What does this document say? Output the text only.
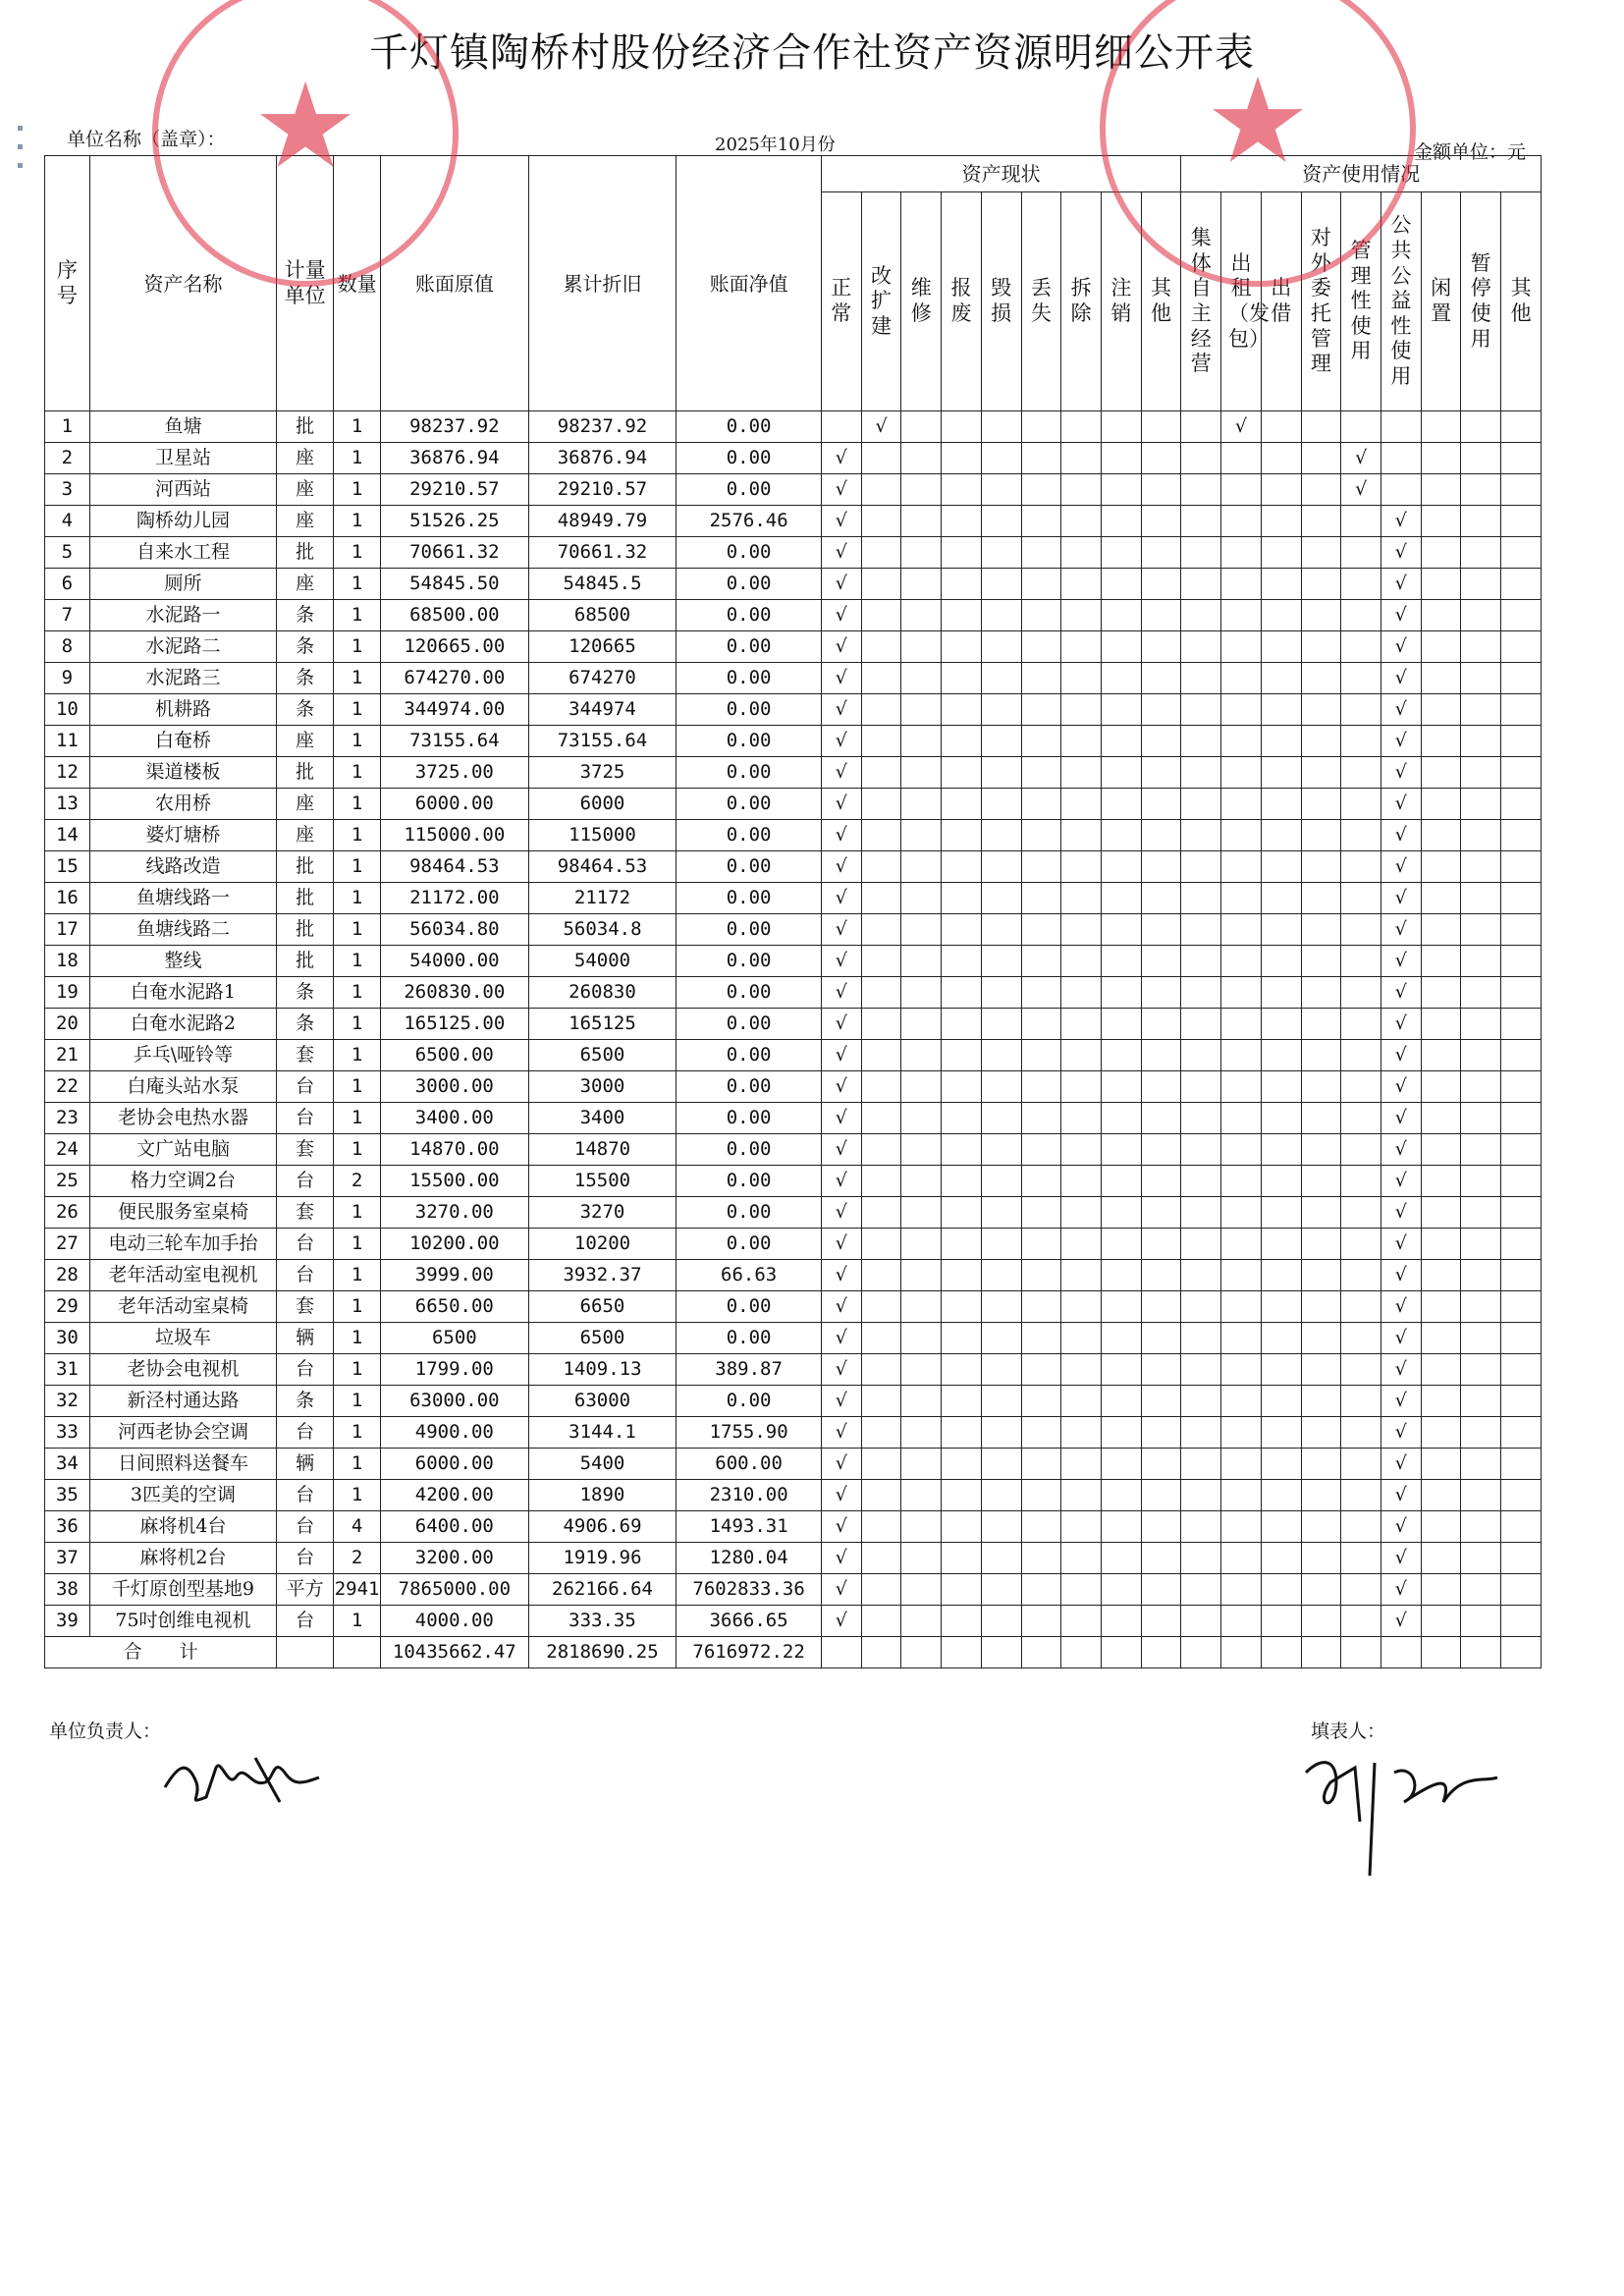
千灯镇陶桥村股份经济合作社资产资源明细公开表
单位名称（盖章）：	2025年10月份	金额单位：元
序号	资产名称	计量单位	数量	账面原值	累计折旧	账面净值	资产现状									资产使用情况								
							正常	改扩建	维修	报废	毁损	丢失	拆除	注销	其他	集体自主经营	出租（发包）	出借	对外委托管理	管理性使用	公共公益性使用	闲置	暂停使用	其他
1	鱼塘	批	1	98237.92	98237.92	0.00		√									√							
2	卫星站	座	1	36876.94	36876.94	0.00	√													√				
3	河西站	座	1	29210.57	29210.57	0.00	√													√				
4	陶桥幼儿园	座	1	51526.25	48949.79	2576.46	√														√			
5	自来水工程	批	1	70661.32	70661.32	0.00	√														√			
6	厕所	座	1	54845.50	54845.5	0.00	√														√			
7	水泥路一	条	1	68500.00	68500	0.00	√														√			
8	水泥路二	条	1	120665.00	120665	0.00	√														√			
9	水泥路三	条	1	674270.00	674270	0.00	√														√			
10	机耕路	条	1	344974.00	344974	0.00	√														√			
11	白奄桥	座	1	73155.64	73155.64	0.00	√														√			
12	渠道楼板	批	1	3725.00	3725	0.00	√														√			
13	农用桥	座	1	6000.00	6000	0.00	√														√			
14	婆灯塘桥	座	1	115000.00	115000	0.00	√														√			
15	线路改造	批	1	98464.53	98464.53	0.00	√														√			
16	鱼塘线路一	批	1	21172.00	21172	0.00	√														√			
17	鱼塘线路二	批	1	56034.80	56034.8	0.00	√														√			
18	整线	批	1	54000.00	54000	0.00	√														√			
19	白奄水泥路1	条	1	260830.00	260830	0.00	√														√			
20	白奄水泥路2	条	1	165125.00	165125	0.00	√														√			
21	乒乓\哑铃等	套	1	6500.00	6500	0.00	√														√			
22	白庵头站水泵	台	1	3000.00	3000	0.00	√														√			
23	老协会电热水器	台	1	3400.00	3400	0.00	√														√			
24	文广站电脑	套	1	14870.00	14870	0.00	√														√			
25	格力空调2台	台	2	15500.00	15500	0.00	√														√			
26	便民服务室桌椅	套	1	3270.00	3270	0.00	√														√			
27	电动三轮车加手抬	台	1	10200.00	10200	0.00	√														√			
28	老年活动室电视机	台	1	3999.00	3932.37	66.63	√														√			
29	老年活动室桌椅	套	1	6650.00	6650	0.00	√														√			
30	垃圾车	辆	1	6500	6500	0.00	√														√			
31	老协会电视机	台	1	1799.00	1409.13	389.87	√														√			
32	新泾村通达路	条	1	63000.00	63000	0.00	√														√			
33	河西老协会空调	台	1	4900.00	3144.1	1755.90	√														√			
34	日间照料送餐车	辆	1	6000.00	5400	600.00	√														√			
35	3匹美的空调	台	1	4200.00	1890	2310.00	√														√			
36	麻将机4台	台	4	6400.00	4906.69	1493.31	√														√			
37	麻将机2台	台	2	3200.00	1919.96	1280.04	√														√			
38	千灯原创型基地9	平方	2941	7865000.00	262166.64	7602833.36	√														√			
39	75吋创维电视机	台	1	4000.00	333.35	3666.65	√														√			
合　　计				10435662.47	2818690.25	7616972.22																		
★	★
单位负责人：	填表人：
